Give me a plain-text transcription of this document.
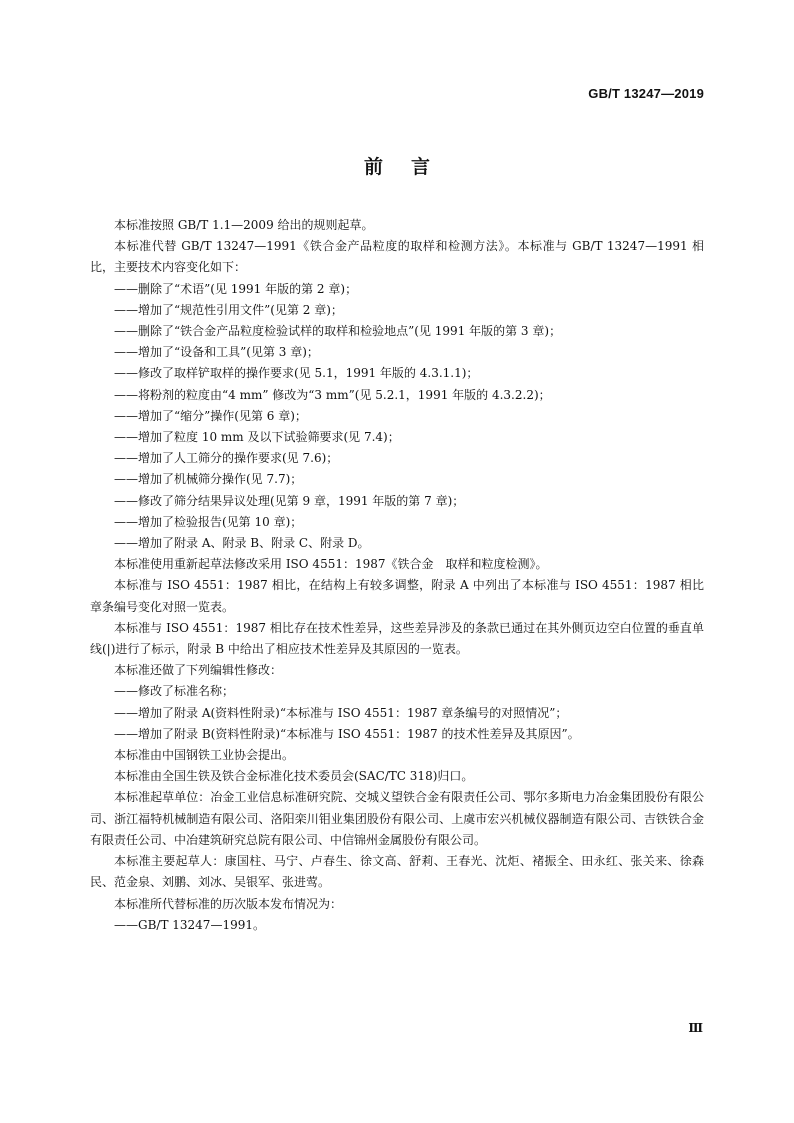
GB/T 13247—2019
前言

本标准按照 GB/T 1.1—2009 给出的规则起草。

本标准代替 GB/T 13247—1991《铁合金产品粒度的取样和检测方法》。本标准与 GB/T 13247—1991 相比，主要技术内容变化如下：

——删除了“术语”(见 1991 年版的第 2 章)；

——增加了“规范性引用文件”(见第 2 章)；

——删除了“铁合金产品粒度检验试样的取样和检验地点”(见 1991 年版的第 3 章)；

——增加了“设备和工具”(见第 3 章)；

——修改了取样铲取样的操作要求(见 5.1，1991 年版的 4.3.1.1)；

——将粉剂的粒度由“4 mm” 修改为“3 mm”(见 5.2.1，1991 年版的 4.3.2.2)；

——增加了“缩分”操作(见第 6 章)；

——增加了粒度 10 mm 及以下试验筛要求(见 7.4)；

——增加了人工筛分的操作要求(见 7.6)；

——增加了机械筛分操作(见 7.7)；

——修改了筛分结果异议处理(见第 9 章，1991 年版的第 7 章)；

——增加了检验报告(见第 10 章)；

——增加了附录 A、附录 B、附录 C、附录 D。

本标准使用重新起草法修改采用 ISO 4551：1987《铁合金　取样和粒度检测》。

本标准与 ISO 4551：1987 相比，在结构上有较多调整，附录 A 中列出了本标准与 ISO 4551：1987 相比章条编号变化对照一览表。

本标准与 ISO 4551：1987 相比存在技术性差异，这些差异涉及的条款已通过在其外侧页边空白位置的垂直单线(|)进行了标示，附录 B 中给出了相应技术性差异及其原因的一览表。

本标准还做了下列编辑性修改：

——修改了标准名称；

——增加了附录 A(资料性附录)“本标准与 ISO 4551：1987 章条编号的对照情况”；

——增加了附录 B(资料性附录)“本标准与 ISO 4551：1987 的技术性差异及其原因”。

本标准由中国钢铁工业协会提出。

本标准由全国生铁及铁合金标准化技术委员会(SAC/TC 318)归口。

本标准起草单位：冶金工业信息标准研究院、交城义望铁合金有限责任公司、鄂尔多斯电力冶金集团股份有限公司、浙江福特机械制造有限公司、洛阳栾川钼业集团股份有限公司、上虞市宏兴机械仪器制造有限公司、吉铁铁合金有限责任公司、中冶建筑研究总院有限公司、中信锦州金属股份有限公司。

本标准主要起草人：康国柱、马宁、卢春生、徐文高、舒莉、王春光、沈炬、褚振全、田永红、张关来、徐森民、范金泉、刘鹏、刘冰、吴银军、张进莺。

本标准所代替标准的历次版本发布情况为：

——GB/T 13247—1991。

Ⅲ
